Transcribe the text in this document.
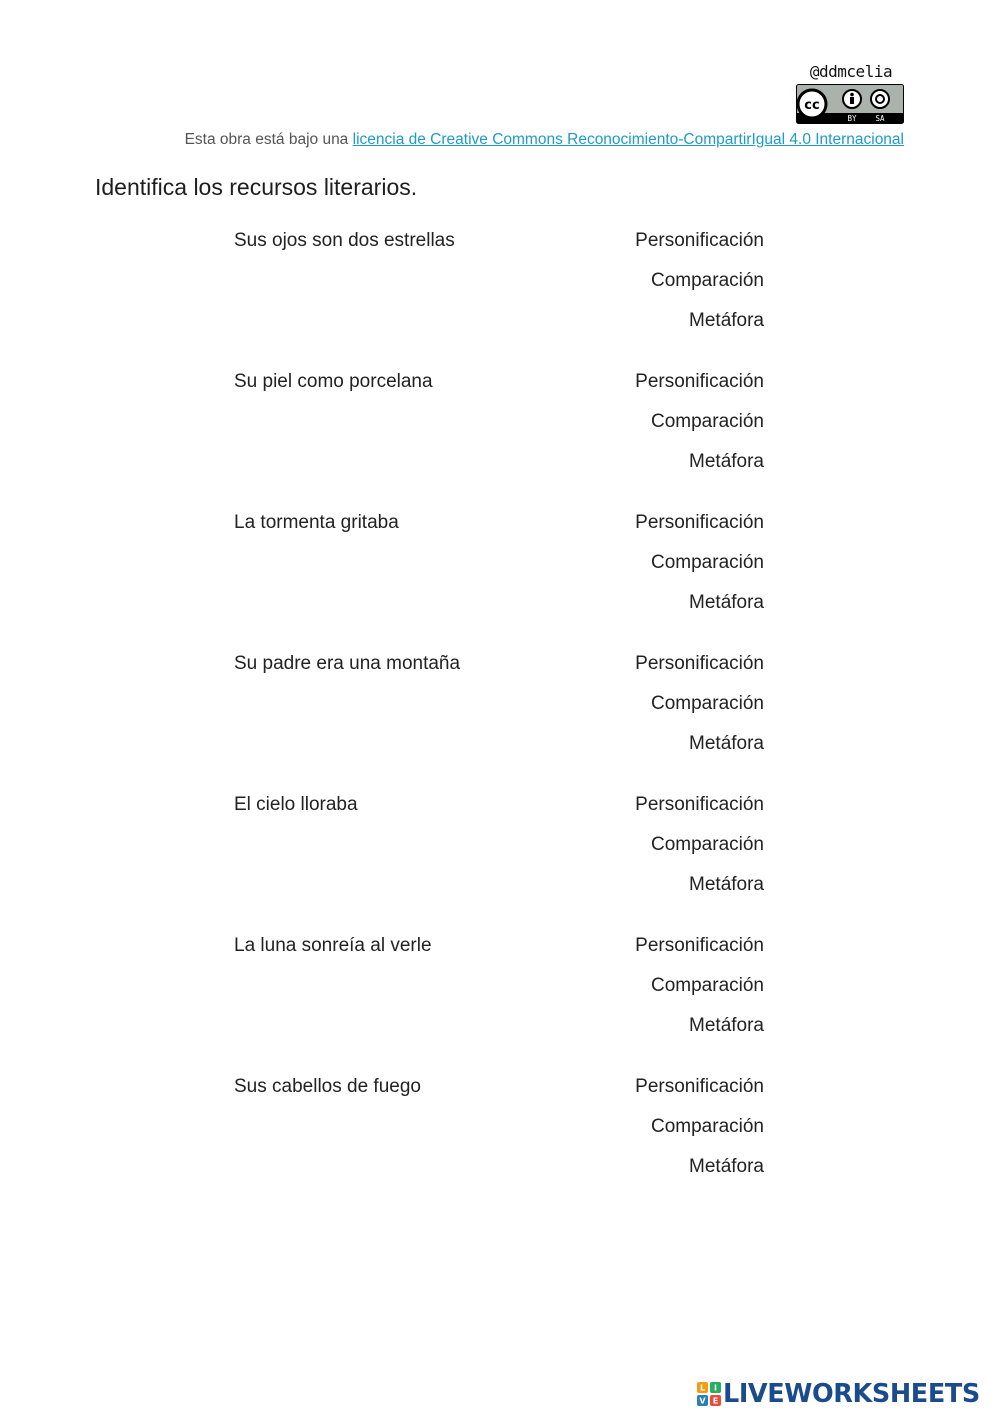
@ddmcelia
cc
BY	SA
Esta obra está bajo una licencia de Creative Commons Reconocimiento-CompartirIgual 4.0 Internacional
Identifica los recursos literarios.
Sus ojos son dos estrellas	Personificación
Comparación
Metáfora
Su piel como porcelana	Personificación
Comparación
Metáfora
La tormenta gritaba	Personificación
Comparación
Metáfora
Su padre era una montaña	Personificación
Comparación
Metáfora
El cielo lloraba	Personificación
Comparación
Metáfora
La luna sonreía al verle	Personificación
Comparación
Metáfora
Sus cabellos de fuego	Personificación
Comparación
Metáfora
L I
V E LIVEWORKSHEETS
